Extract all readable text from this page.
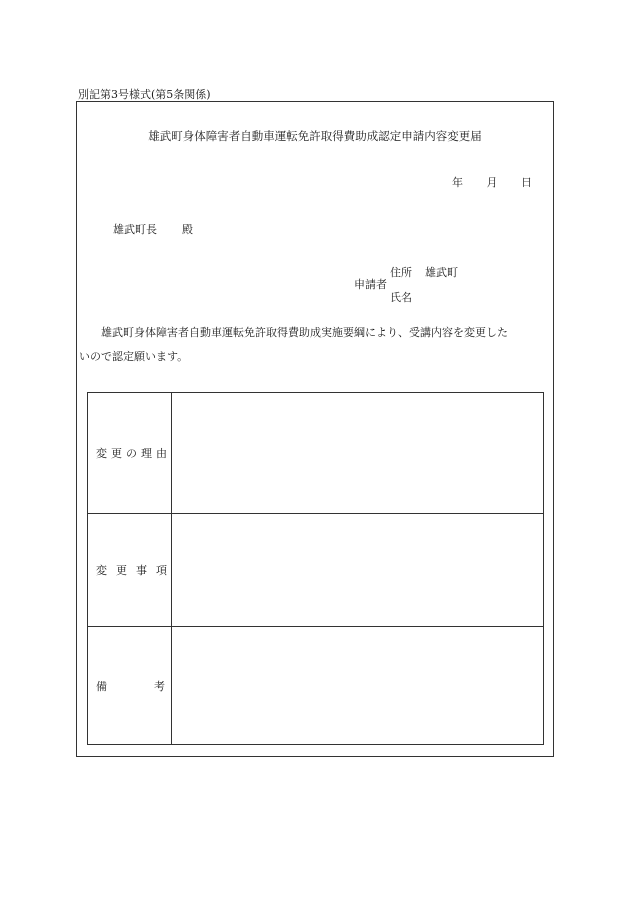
別記第3号様式(第5条関係)
雄武町身体障害者自動車運転免許取得費助成認定申請内容変更届
年 月 日
雄武町長 殿
申請者
住所 雄武町
氏名
雄武町身体障害者自動車運転免許取得費助成実施要綱により、受講内容を変更した
いので認定願います。
変更の理由
変更事項
備	考
